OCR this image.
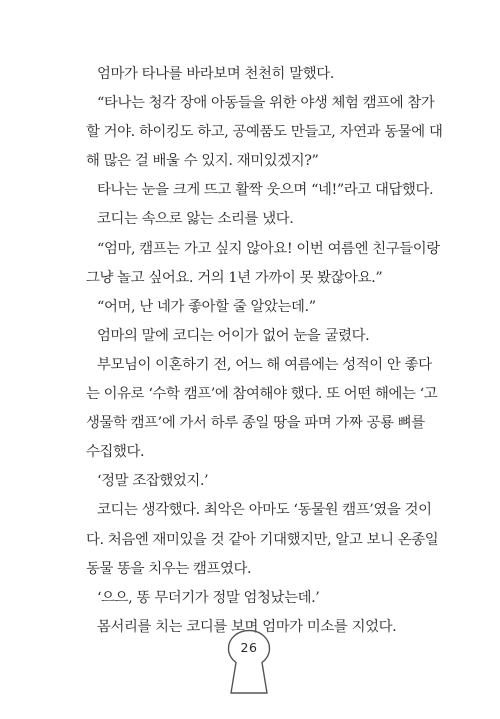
엄마가 타나를 바라보며 천천히 말했다.

“타나는 청각 장애 아동들을 위한 야생 체험 캠프에 참가

할 거야. 하이킹도 하고, 공예품도 만들고, 자연과 동물에 대

해 많은 걸 배울 수 있지. 재미있겠지?”

타나는 눈을 크게 뜨고 활짝 웃으며 “네!”라고 대답했다.

코디는 속으로 앓는 소리를 냈다.

“엄마, 캠프는 가고 싶지 않아요! 이번 여름엔 친구들이랑

그냥 놀고 싶어요. 거의 1년 가까이 못 봤잖아요.”

“어머, 난 네가 좋아할 줄 알았는데.”

엄마의 말에 코디는 어이가 없어 눈을 굴렸다.

부모님이 이혼하기 전, 어느 해 여름에는 성적이 안 좋다

는 이유로 ‘수학 캠프’에 참여해야 했다. 또 어떤 해에는 ‘고

생물학 캠프’에 가서 하루 종일 땅을 파며 가짜 공룡 뼈를

수집했다.

‘정말 조잡했었지.’

코디는 생각했다. 최악은 아마도 ‘동물원 캠프’였을 것이

다. 처음엔 재미있을 것 같아 기대했지만, 알고 보니 온종일

동물 똥을 치우는 캠프였다.

‘으으, 똥 무더기가 정말 엄청났는데.’

몸서리를 치는 코디를 보며 엄마가 미소를 지었다.

26
